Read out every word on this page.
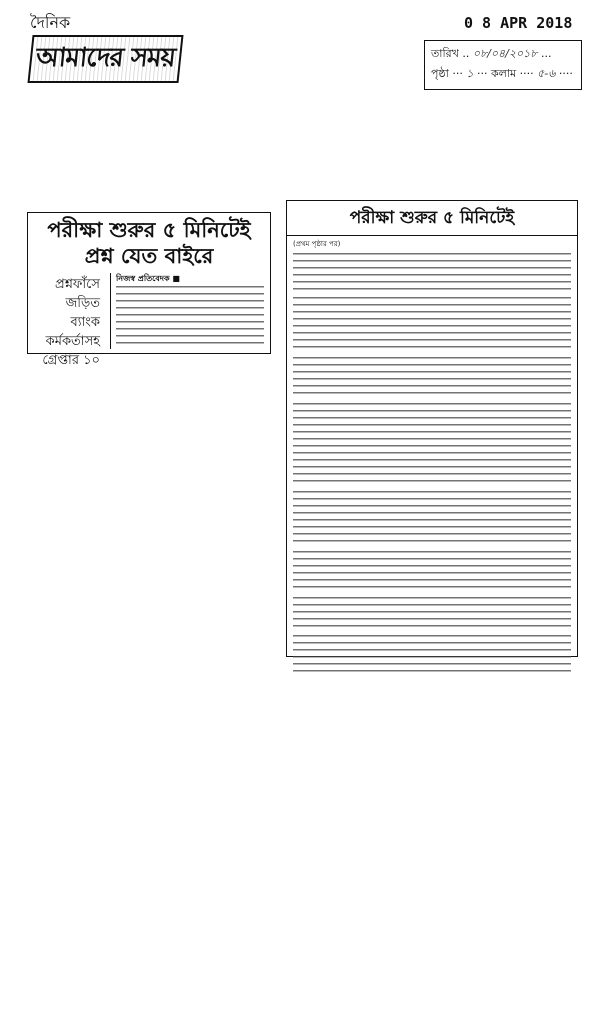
দৈনিক
আমাদের সময়
0 8 APR 2018
তারিখ .. ০৮/০৪/২০১৮ ...
পৃষ্ঠা ··· ১ ··· কলাম ···· ৫-৬ ····
পরীক্ষা শুরুর ৫ মিনিটেই
প্রশ্ন যেত বাইরে
প্রশ্নফাঁসে
জড়িত
ব্যাংক
কর্মকর্তাসহ
গ্রেপ্তার ১০
নিজস্ব প্রতিবেদক ■
পরীক্ষা শুরুর ৫ মিনিটেই
(প্রথম পৃষ্ঠার পর)
